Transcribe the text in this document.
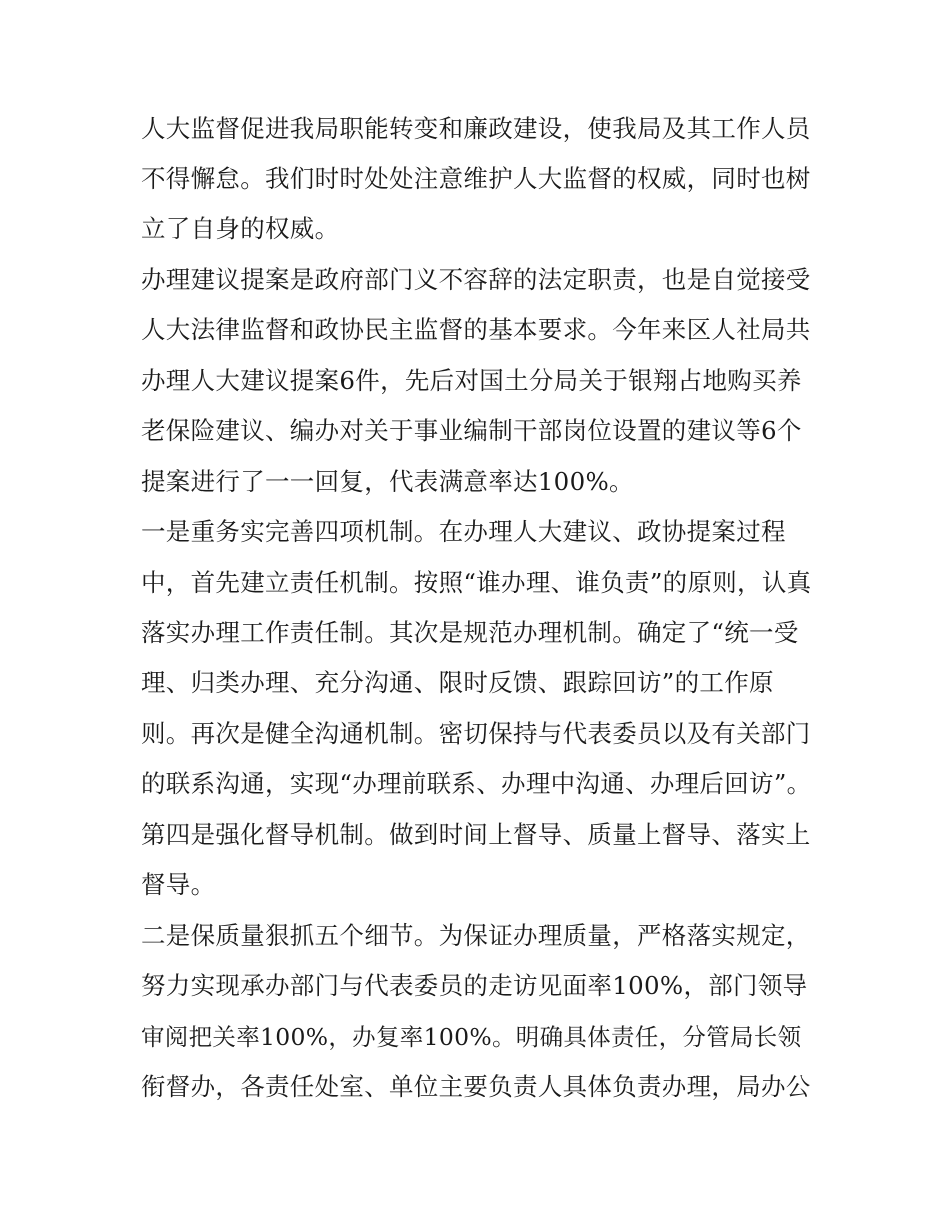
人大监督促进我局职能转变和廉政建设，使我局及其工作人员
不得懈怠。我们时时处处注意维护人大监督的权威，同时也树
立了自身的权威。
办理建议提案是政府部门义不容辞的法定职责，也是自觉接受
人大法律监督和政协民主监督的基本要求。今年来区人社局共
办理人大建议提案6件，先后对国土分局关于银翔占地购买养
老保险建议、编办对关于事业编制干部岗位设置的建议等6个
提案进行了一一回复，代表满意率达100%。
一是重务实完善四项机制。在办理人大建议、政协提案过程
中，首先建立责任机制。按照“谁办理、谁负责”的原则，认真
落实办理工作责任制。其次是规范办理机制。确定了“统一受
理、归类办理、充分沟通、限时反馈、跟踪回访”的工作原
则。再次是健全沟通机制。密切保持与代表委员以及有关部门
的联系沟通，实现“办理前联系、办理中沟通、办理后回访”。
第四是强化督导机制。做到时间上督导、质量上督导、落实上
督导。
二是保质量狠抓五个细节。为保证办理质量，严格落实规定，
努力实现承办部门与代表委员的走访见面率100%，部门领导
审阅把关率100%，办复率100%。明确具体责任，分管局长领
衔督办，各责任处室、单位主要负责人具体负责办理，局办公
